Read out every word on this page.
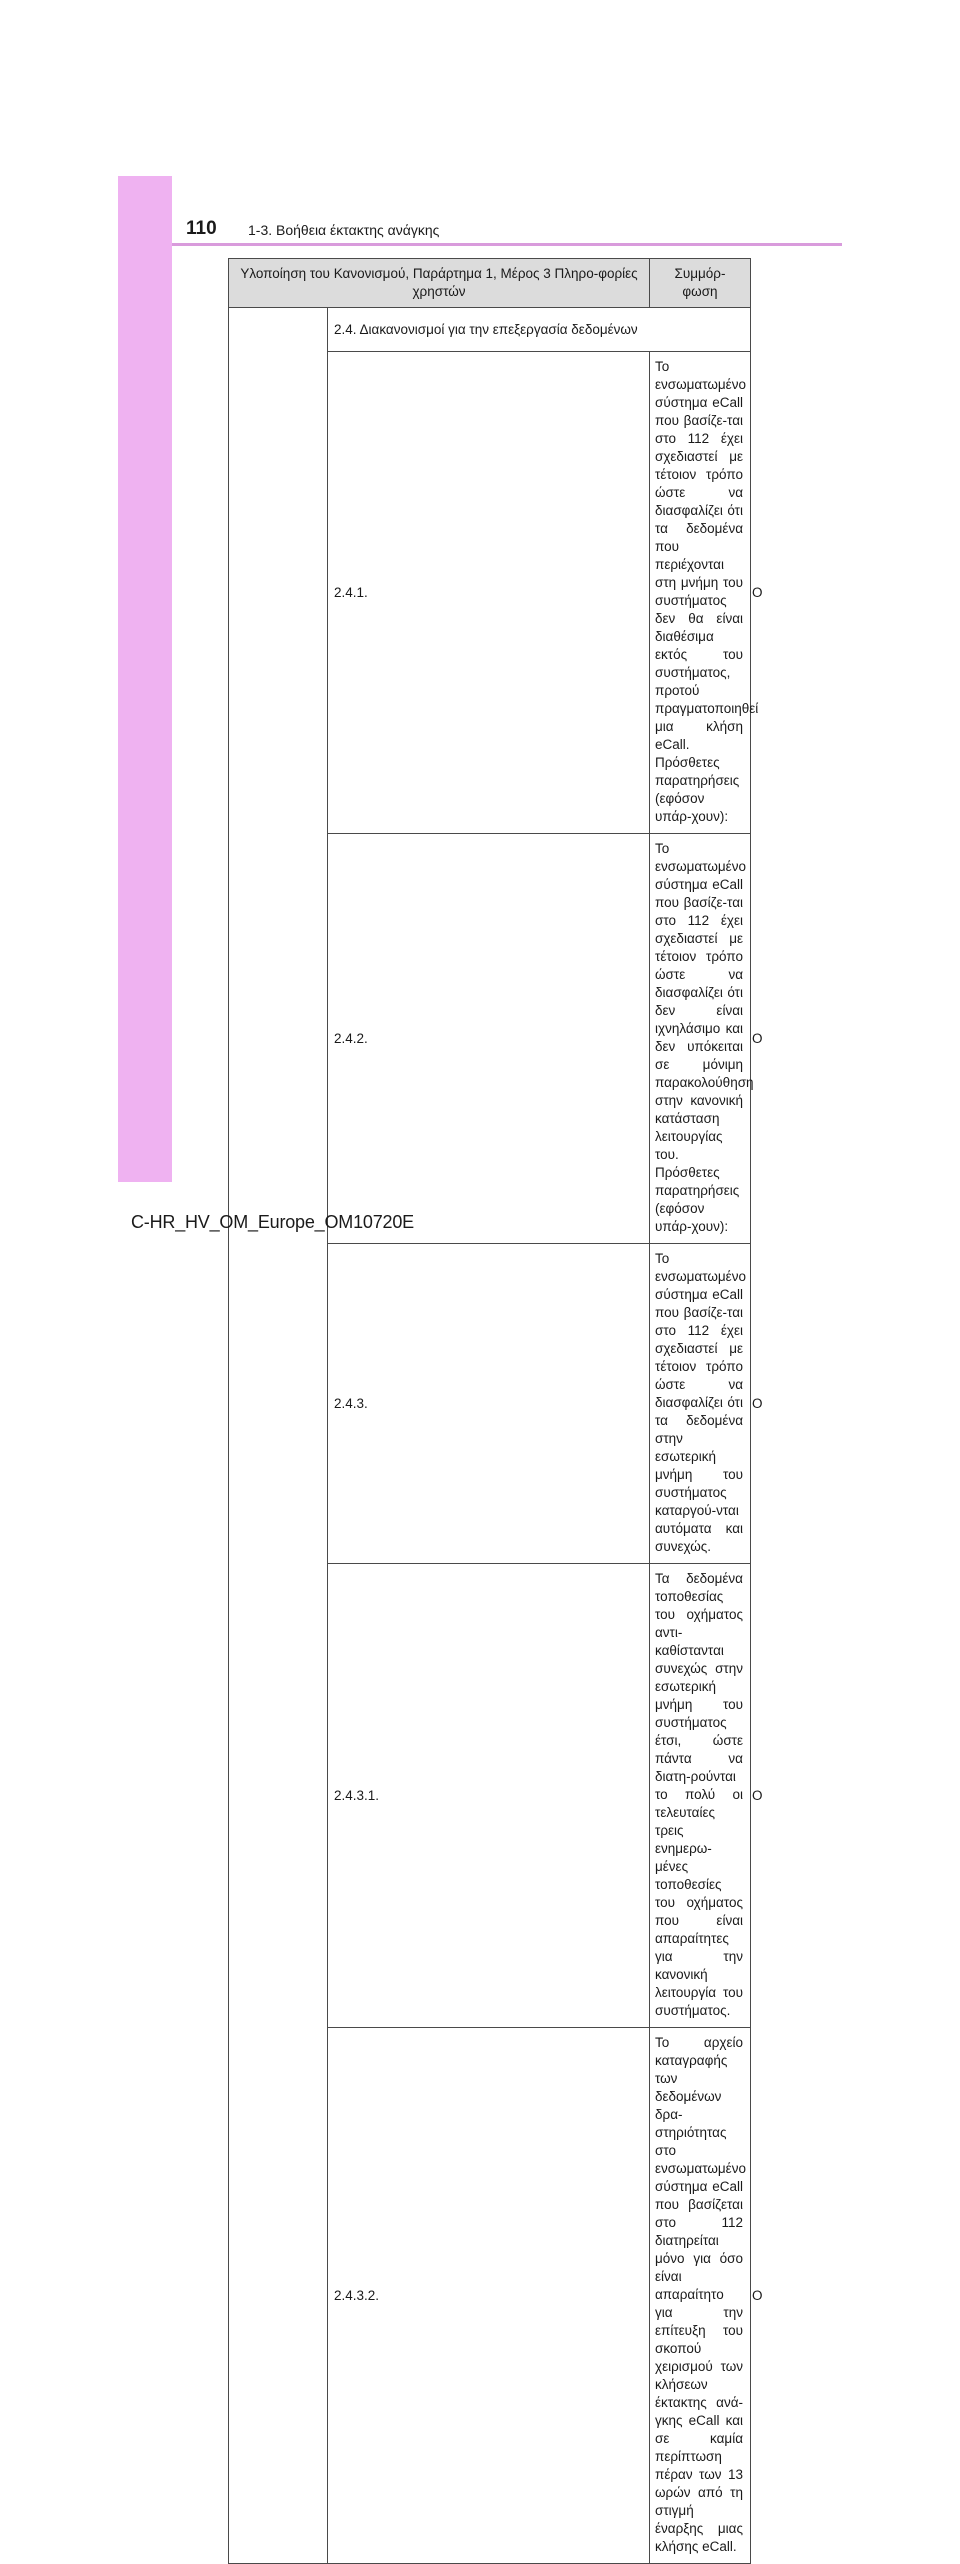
110 1-3. Βοήθεια έκτακτης ανάγκης
Υλοποίηση του Κανονισμού, Παράρτημα 1, Μέρος 3 Πληρο-φορίες χρηστών		Συμμόρ-φωση	
	2.4. Διακανονισμοί για την επεξεργασία δεδομένων		
	2.4.1.	Το ενσωματωμένο σύστημα eCall που βασίζε-ται στο 112 έχει σχεδιαστεί με τέτοιον τρόπο ώστε να διασφαλίζει ότι τα δεδομένα που περιέχονται στη μνήμη του συστήματος δεν θα είναι διαθέσιμα εκτός του συστήματος, προτού πραγματοποιηθεί μια κλήση eCall. Πρόσθετες παρατηρήσεις (εφόσον υπάρ-χουν):	O
	2.4.2.	Το ενσωματωμένο σύστημα eCall που βασίζε-ται στο 112 έχει σχεδιαστεί με τέτοιον τρόπο ώστε να διασφαλίζει ότι δεν είναι ιχνηλάσιμο και δεν υπόκειται σε μόνιμη παρακολούθηση στην κανονική κατάσταση λειτουργίας του. Πρόσθετες παρατηρήσεις (εφόσον υπάρ-χουν):	O
	2.4.3.	Το ενσωματωμένο σύστημα eCall που βασίζε-ται στο 112 έχει σχεδιαστεί με τέτοιον τρόπο ώστε να διασφαλίζει ότι τα δεδομένα στην εσωτερική μνήμη του συστήματος καταργού-νται αυτόματα και συνεχώς.	O
	2.4.3.1.	Τα δεδομένα τοποθεσίας του οχήματος αντι-καθίστανται συνεχώς στην εσωτερική μνήμη του συστήματος έτσι, ώστε πάντα να διατη-ρούνται το πολύ οι τελευταίες τρεις ενημερω-μένες τοποθεσίες του οχήματος που είναι απαραίτητες για την κανονική λειτουργία του συστήματος.	O
	2.4.3.2.	Το αρχείο καταγραφής των δεδομένων δρα-στηριότητας στο ενσωματωμένο σύστημα eCall που βασίζεται στο 112 διατηρείται μόνο για όσο είναι απαραίτητο για την επίτευξη του σκοπού χειρισμού των κλήσεων έκτακτης ανά-γκης eCall και σε καμία περίπτωση πέραν των 13 ωρών από τη στιγμή έναρξης μιας κλήσης eCall.	O
C-HR_HV_OM_Europe_OM10720E
